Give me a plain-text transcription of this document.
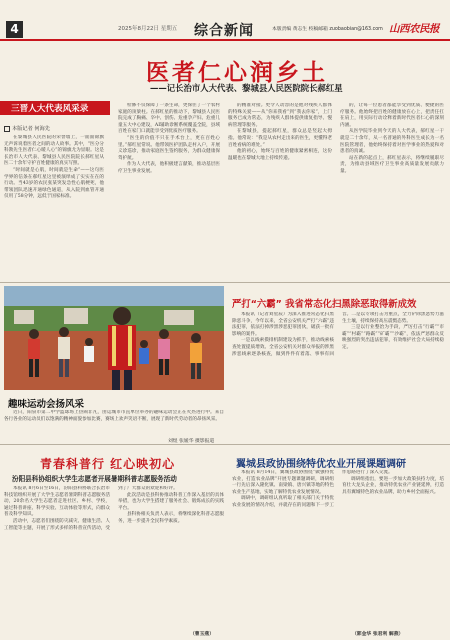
4	2025年8月22日 星期五 综合新闻	本版责编 黄志生 校稿邮箱 zuobaobian@163.com 山西农民报
医者仁心润乡土
——记长治市人大代表、黎城县人民医院院长郝红星
三晋人大代表风采录
本版记者 何海先

在黎城县人民医院的荣誉墙上，一面面锦旗无声诉说着医者之间的动人故事。其中，“医分分科教先生医者仁心暖人心”的锦旗尤为显眼。这是长治市人大代表、黎城县人民医院院长郝红星从医二十余年守护百姓健康的真实写照。

“时间就是心肌，时间就是生命”——这句医学界的信条在郝红星这里被演绎成了实实在在的行动。当43岁的农民张某突发急性心肌梗死，他带领团队迅速开通绿色通道，从入院到血管开通仅用了58分钟，远低于国家标准。

检修不仅保障了一条生命，更保住了一个农村家庭的顶梁柱。在郝红星的推动下，黎城县人民医院完成了胸痛、卒中、创伤、危重孕产妇、危重儿童五大中心建设，AI辅助诊断系统覆盖全院，县域百姓在家门口就能享受到优质医疗服务。

“医生的价值不只在手术台上，更在百姓心里。”郝红星常说。他带领医护团队走村入户，开展义诊巡诊，推动家庭医生签约服务，为群众健康保驾护航。

作为人大代表，他积极建言献策，推动基层医疗卫生事业发展。

的精准对接。更令人动容的是他对残疾人群体的特殊关爱——从“你来我看”到“我去你家”，上门服务已成为常态，为残疾人群体提供康复指导、慢病管理等服务。

在黎城县，提起郝红星，群众总是竖起大拇指。他常说：“我是从农村走出来的医生，更懂得老百姓看病的难处。”

他的初心，始终与百姓的健康紧密相连，这份温暖也在黎城大地上持续传递。

的，让每一位患者都能享受到优质、便捷的医疗服务。他始终把百姓的健康放在心上，把责任扛在肩上，用实际行动诠释着新时代医者仁心的深刻内涵。

从医学院毕业到今天的人大代表，郝红星一干就是二十余年，从一名普通的外科医生成长为一名医院管理者，他始终保持着对医学事业的热爱和对患者的真诚。

站在新的起点上，郝红星表示，将继续履职尽责，为推动县域医疗卫生事业高质量发展贡献力量。

趣味运动会扬风采

近日，阳泉市第二中学篮球场上热闹非凡，由运城市市直单位举办的趣味运动会正在火热进行中。来自各行各业的运动员们以饱满的精神面貌参加比赛，赛场上欢声笑语不断，展现了新时代劳动者的昂扬风采。

刘煜 张媛华 摄影报道
严打“六霸” 我省常态化扫黑除恶取得新成效

本报讯（记者刘星辰）为深入推进常态化扫黑除恶斗争，今年以来，全省公安机关严打“六霸”违法犯罪，依法打掉涉黑涉恶犯罪团伙，破获一批有影响的案件。

一是以线索摸排机制建设为抓手，推动线索核查处置提质增效。全省公安机关对群众举报的涉黑涉恶线索逐条核查，做到件件有着落、事事有回音。二是以专项打击为重点，全力铲除黑恶势力滋生土壤，持续保持高压震慑态势。

三是以行业整治为手段，严厉打击“行霸”“市霸”“村霸”“路霸”“矿霸”“沙霸”，依法严惩群众反映强烈的突出违法犯罪，有效维护社会大局持续稳定。

青春科普行 红心映初心
汾阳县科协组织大学生志愿者开展暑期科普志愿服务活动

本报讯 8月6日至16日，汾阳县科协联合长治市科技馆组织开展了大学生志愿者暑期科普志愿服务活动，20余名大学生志愿者走进社区、乡村、学校，通过科普讲座、科学实验、互动体验等形式，向群众普及科学知识。

活动中，志愿者们围绕防灾减灾、健康生活、人工智能等主题，开展了形式多样的科普宣传活动，受到了广大群众的欢迎和好评。

此次活动是县科协推动科普工作深入基层的具体举措，也为大学生搭建了服务社会、锻炼成长的实践平台。

县科协相关负责人表示，将继续深化科普志愿服务，进一步提升全民科学素质。

（曹玉燕）
翼城县政协围绕特优农业开展课题调研

本报讯 8月14日，翼城县政协围绕“做强特优农业，打造农业品牌”开展专题课题调研，调研组一行先后深入隆化镇、南梁镇、唐兴镇等地的特色农业生产基地，实地了解特优农业发展情况。

调研中，调研组认真听取了相关部门关于特优农业发展的情况介绍，并就存在的问题和下一步工作思路进行了深入交流。

调研组指出，要进一步加大政策扶持力度，培育壮大龙头企业，推动特优农业产业链延伸，打造具有翼城特色的农业品牌，助力乡村全面振兴。

（郭金华 张君利 解燕）
